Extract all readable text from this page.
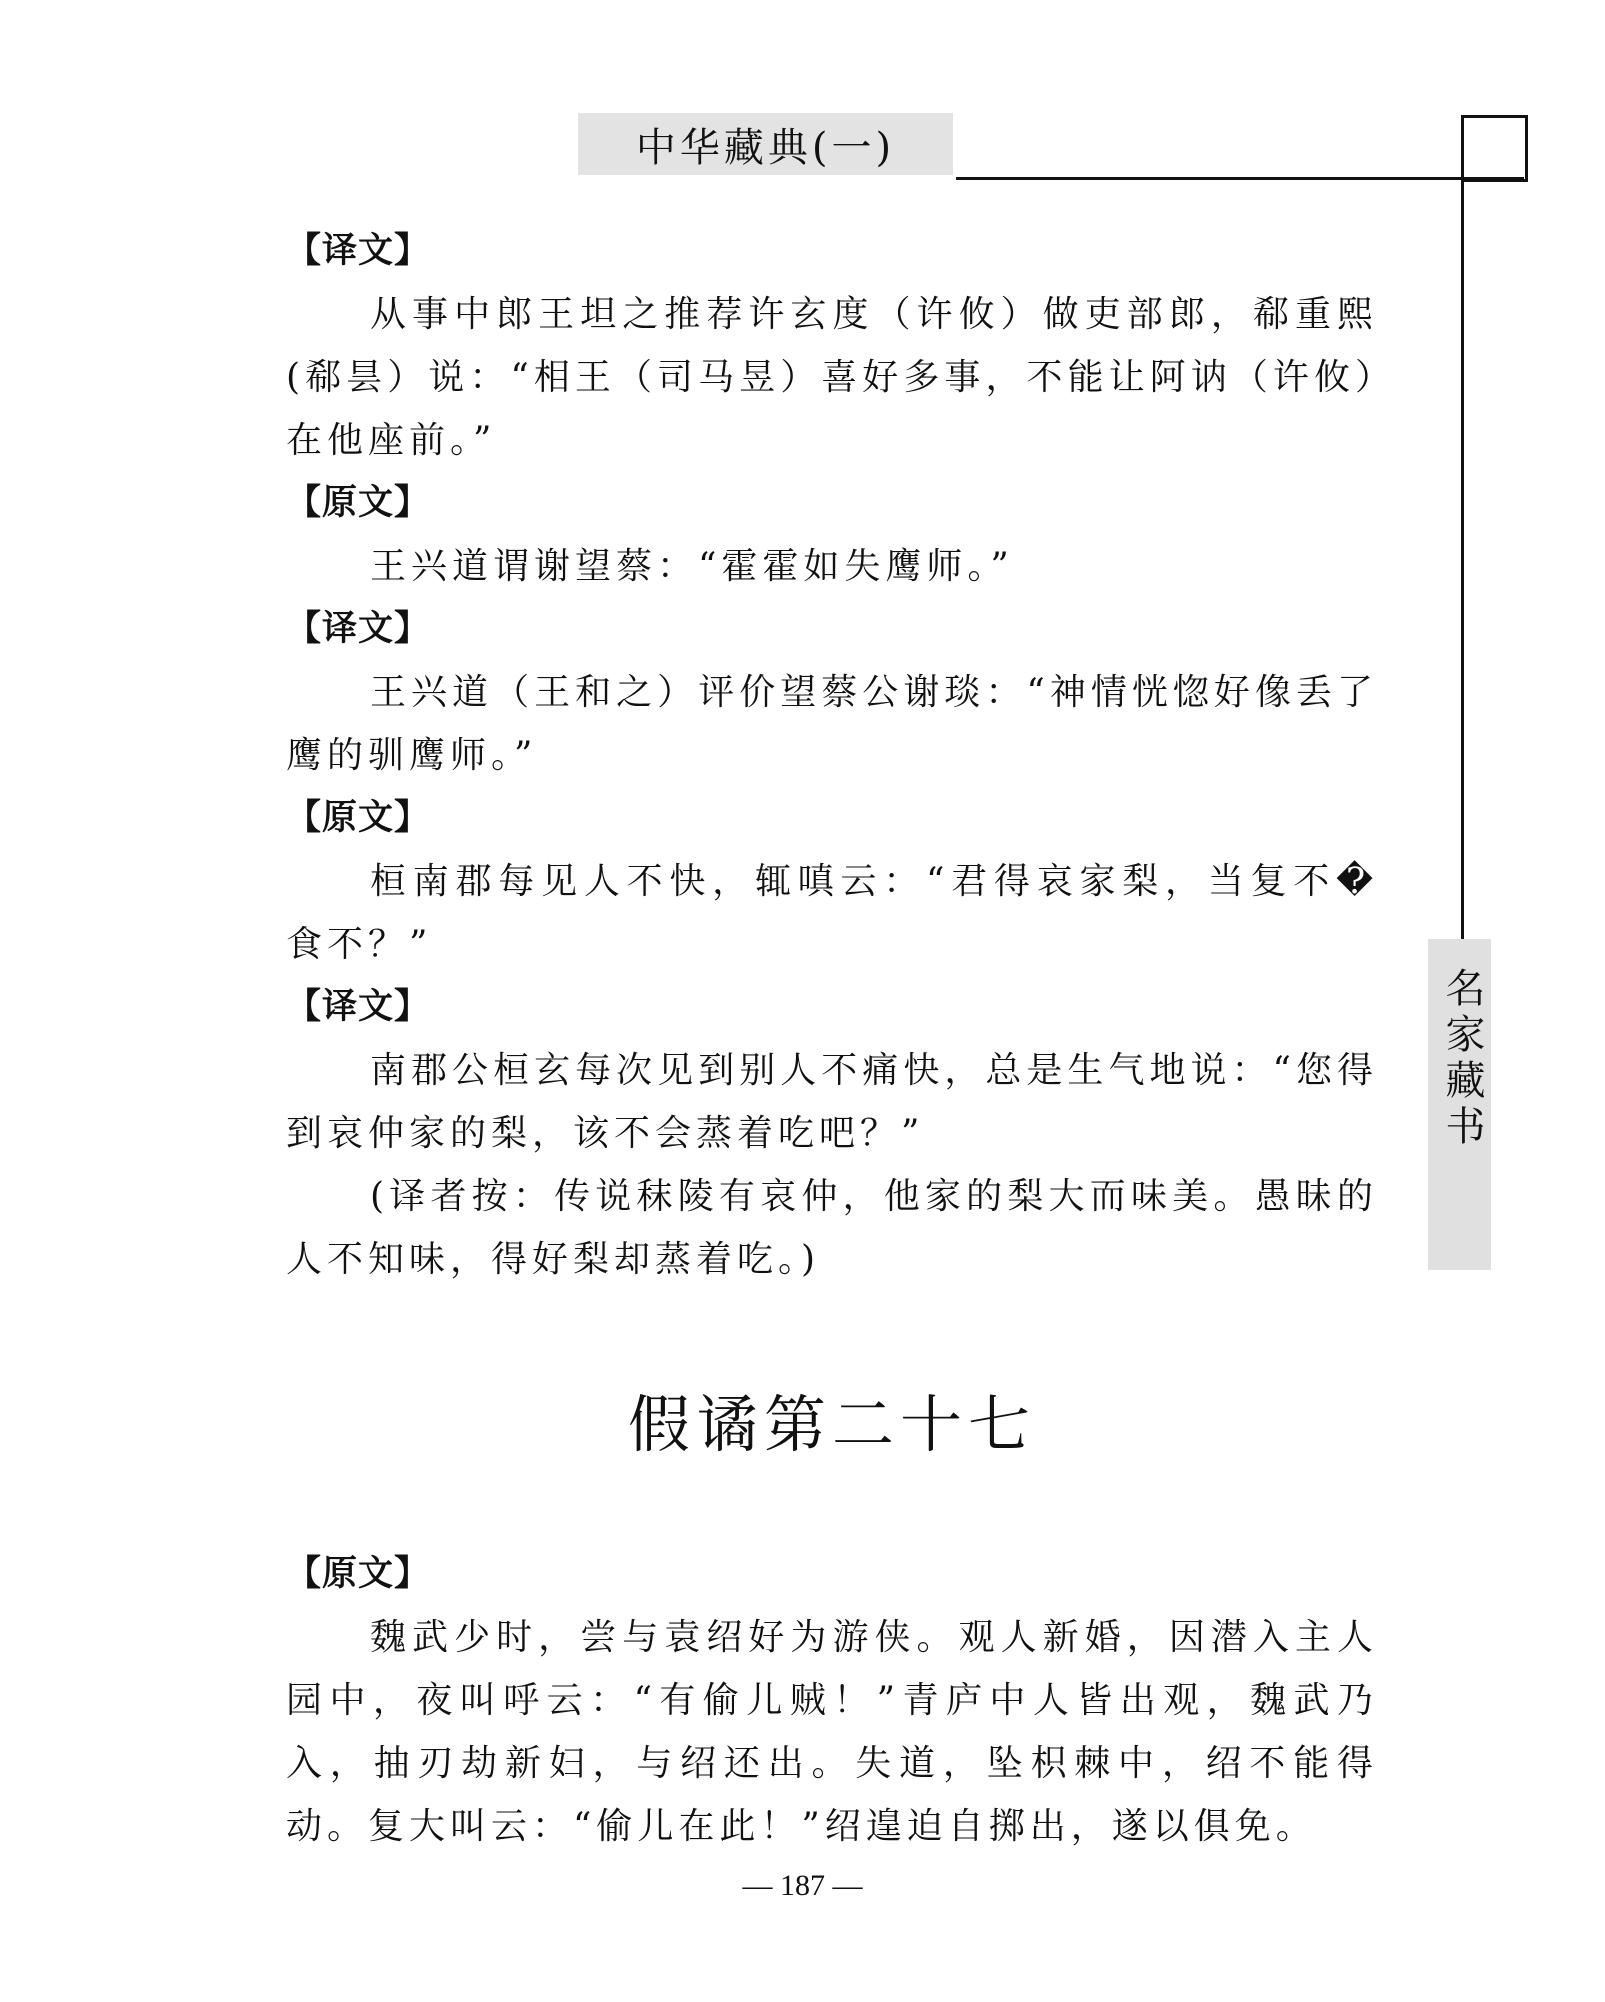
中华藏典(一)
名家藏书
【译文】
从事中郎王坦之推荐许玄度（许攸）做吏部郎，郗重熙(郗昙）说：“相王（司马昱）喜好多事，不能让阿讷（许攸）在他座前。”
【原文】
王兴道谓谢望蔡：“霍霍如失鹰师。”
【译文】
王兴道（王和之）评价望蔡公谢琰：“神情恍惚好像丢了鹰的驯鹰师。”
【原文】
桓南郡每见人不快，辄嗔云：“君得哀家梨，当复不�食不？”
【译文】
南郡公桓玄每次见到别人不痛快，总是生气地说：“您得到哀仲家的梨，该不会蒸着吃吧？”
(译者按：传说秣陵有哀仲，他家的梨大而味美。愚昧的人不知味，得好梨却蒸着吃。)
假谲第二十七
【原文】
魏武少时，尝与袁绍好为游侠。观人新婚，因潜入主人园中，夜叫呼云：“有偷儿贼！”青庐中人皆出观，魏武乃入，抽刃劫新妇，与绍还出。失道，坠枳棘中，绍不能得动。复大叫云：“偷儿在此！”绍遑迫自掷出，遂以俱免。
— 187 —
